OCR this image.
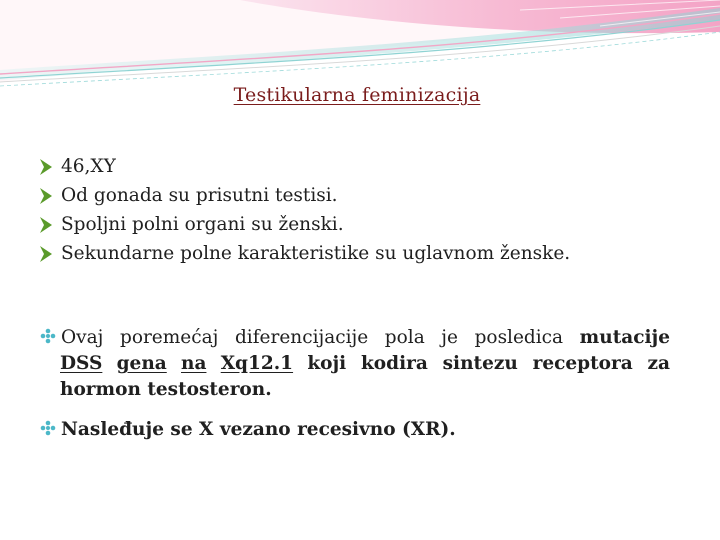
Testikularna feminizacija
46,XY
Od gonada su prisutni testisi.
Spoljni polni organi su ženski.
Sekundarne polne karakteristike su uglavnom ženske.
Ovaj poremećaj diferencijacije pola je posledica mutacije
DSS gena na Xq12.1 koji kodira sintezu receptora za
hormon testosteron.
Nasleđuje se X vezano recesivno (XR).
